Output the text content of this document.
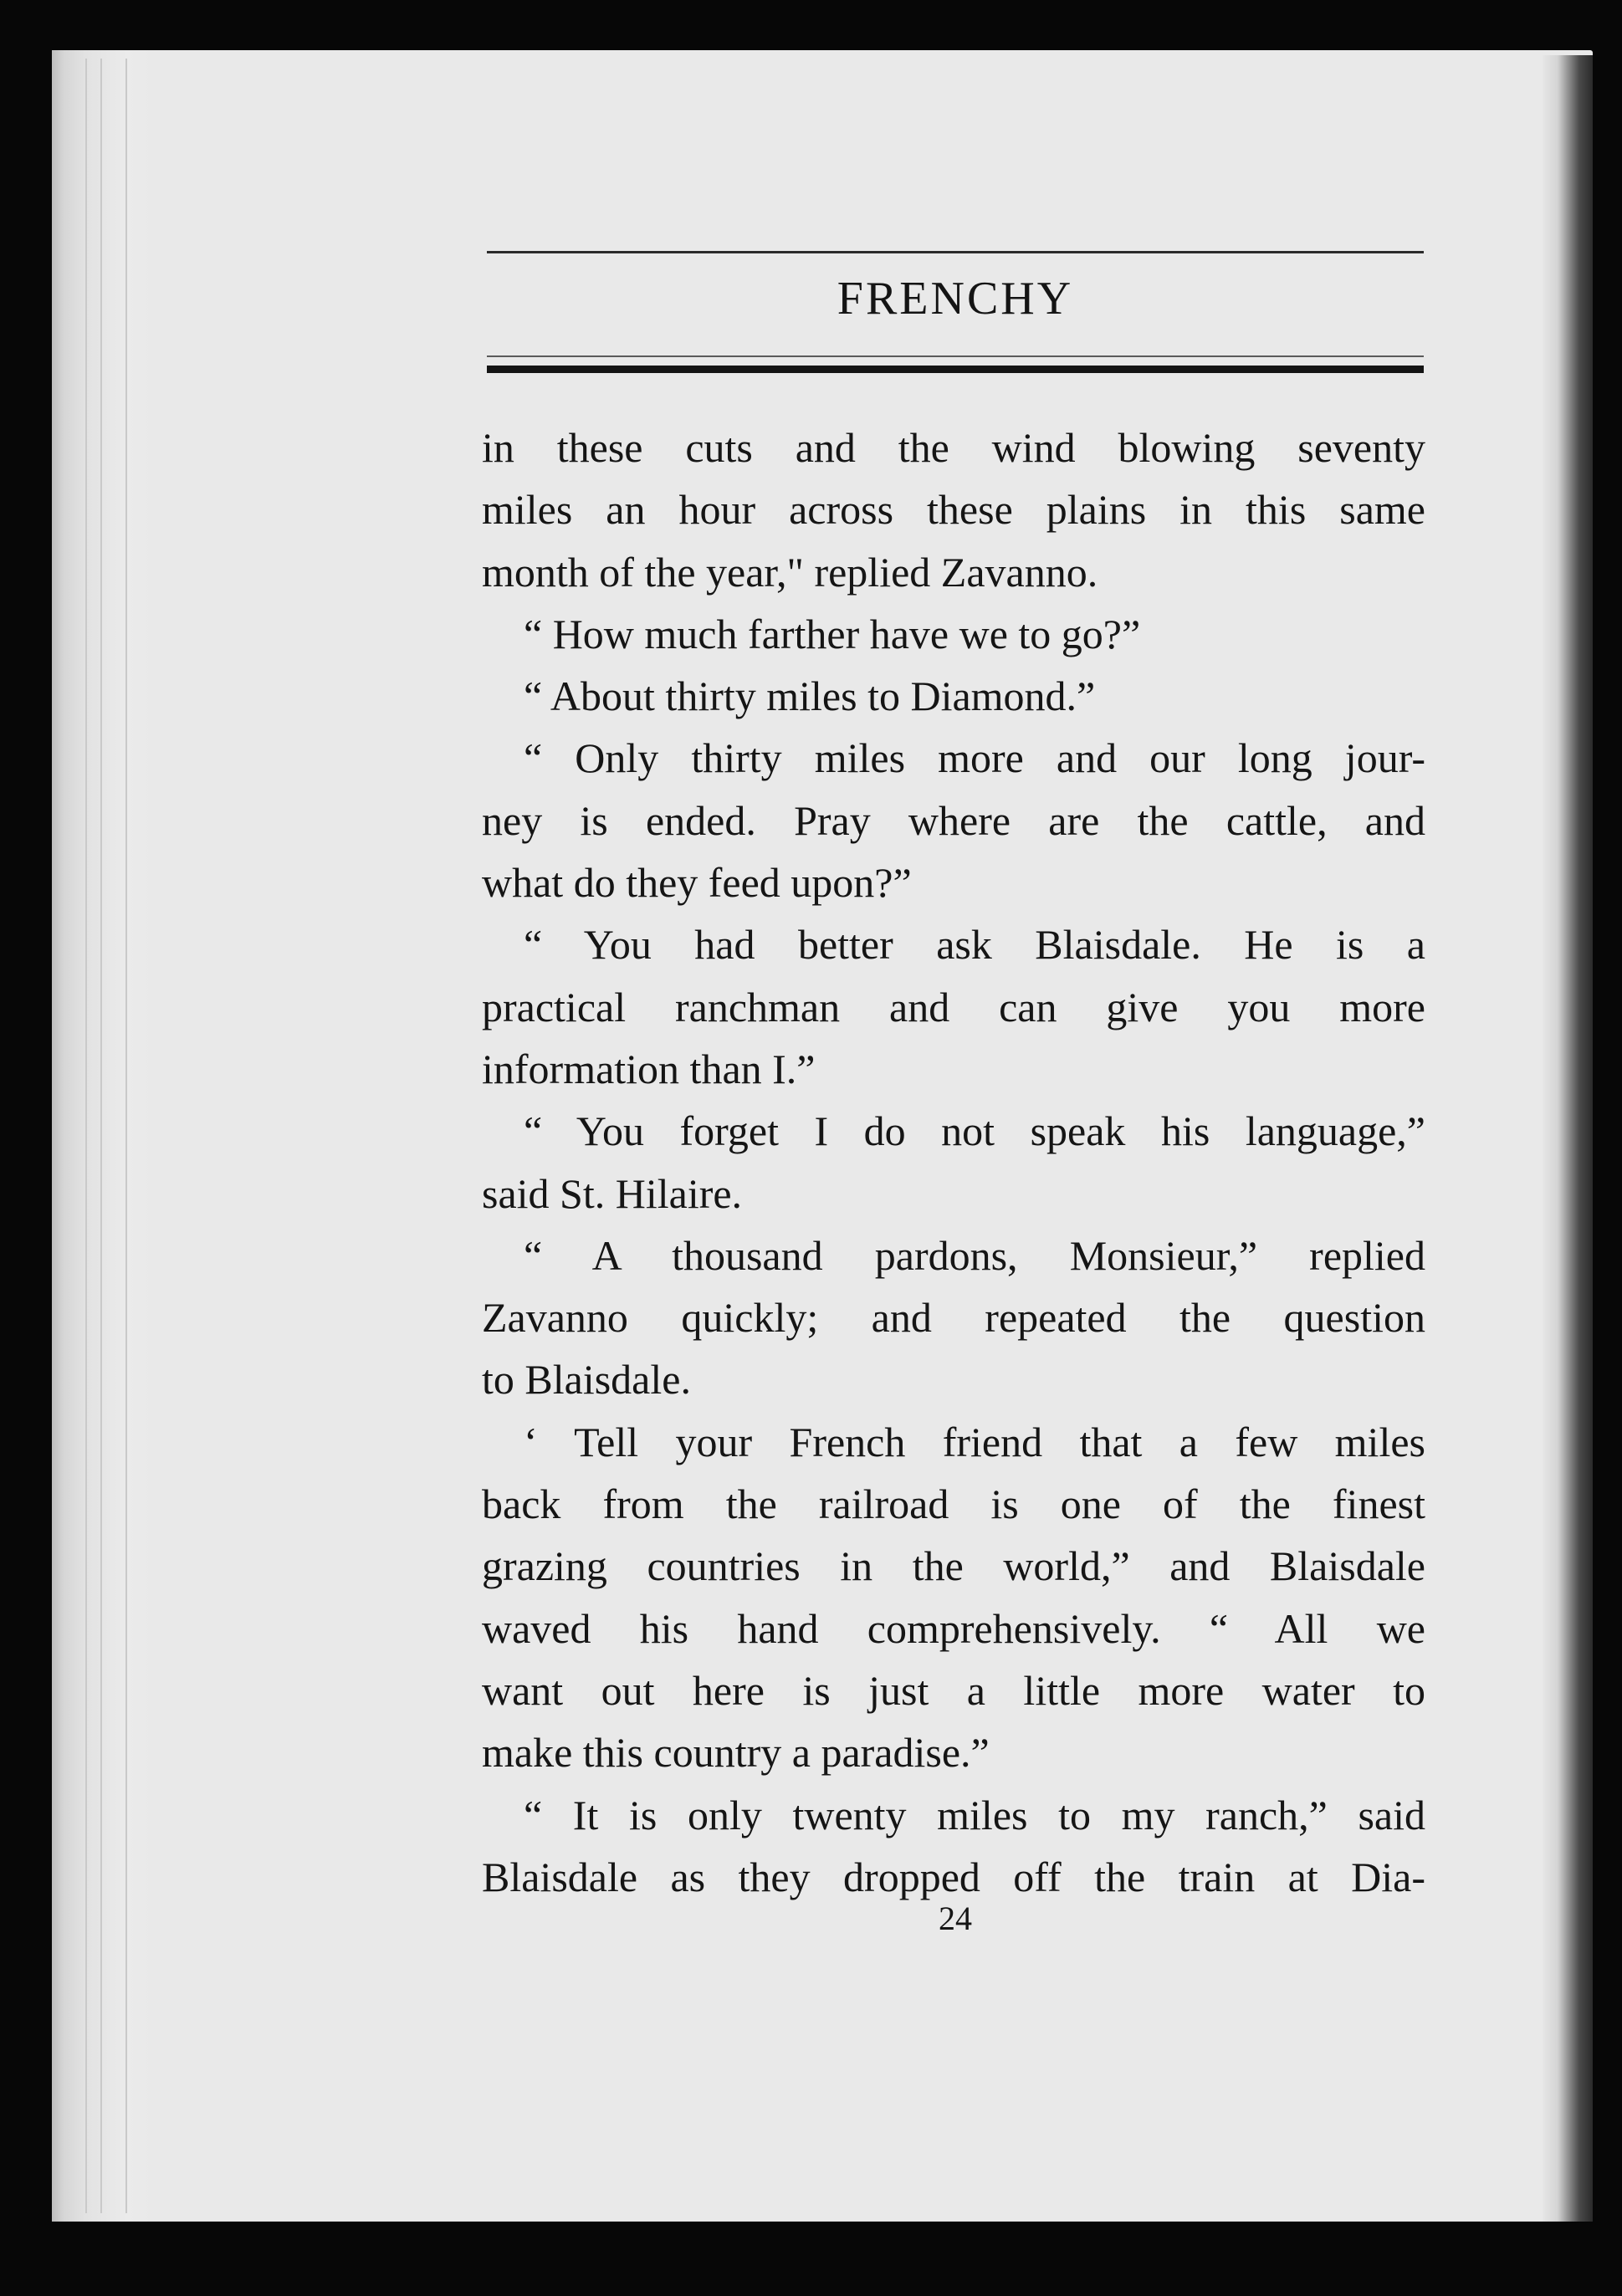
FRENCHY
in these cuts and the wind blowing seventy
miles an hour across these plains in this same
month of the year," replied Zavanno.
“ How much farther have we to go?”
“ About thirty miles to Diamond.”
“ Only thirty miles more and our long jour-
ney is ended. Pray where are the cattle, and
what do they feed upon?”
“ You had better ask Blaisdale. He is a
practical ranchman and can give you more
information than I.”
“ You forget I do not speak his language,”
said St. Hilaire.
“ A thousand pardons, Monsieur,” replied
Zavanno quickly; and repeated the question
to Blaisdale.
‘ Tell your French friend that a few miles
back from the railroad is one of the finest
grazing countries in the world,” and Blaisdale
waved his hand comprehensively. “ All we
want out here is just a little more water to
make this country a paradise.”
“ It is only twenty miles to my ranch,” said
Blaisdale as they dropped off the train at Dia-
24
